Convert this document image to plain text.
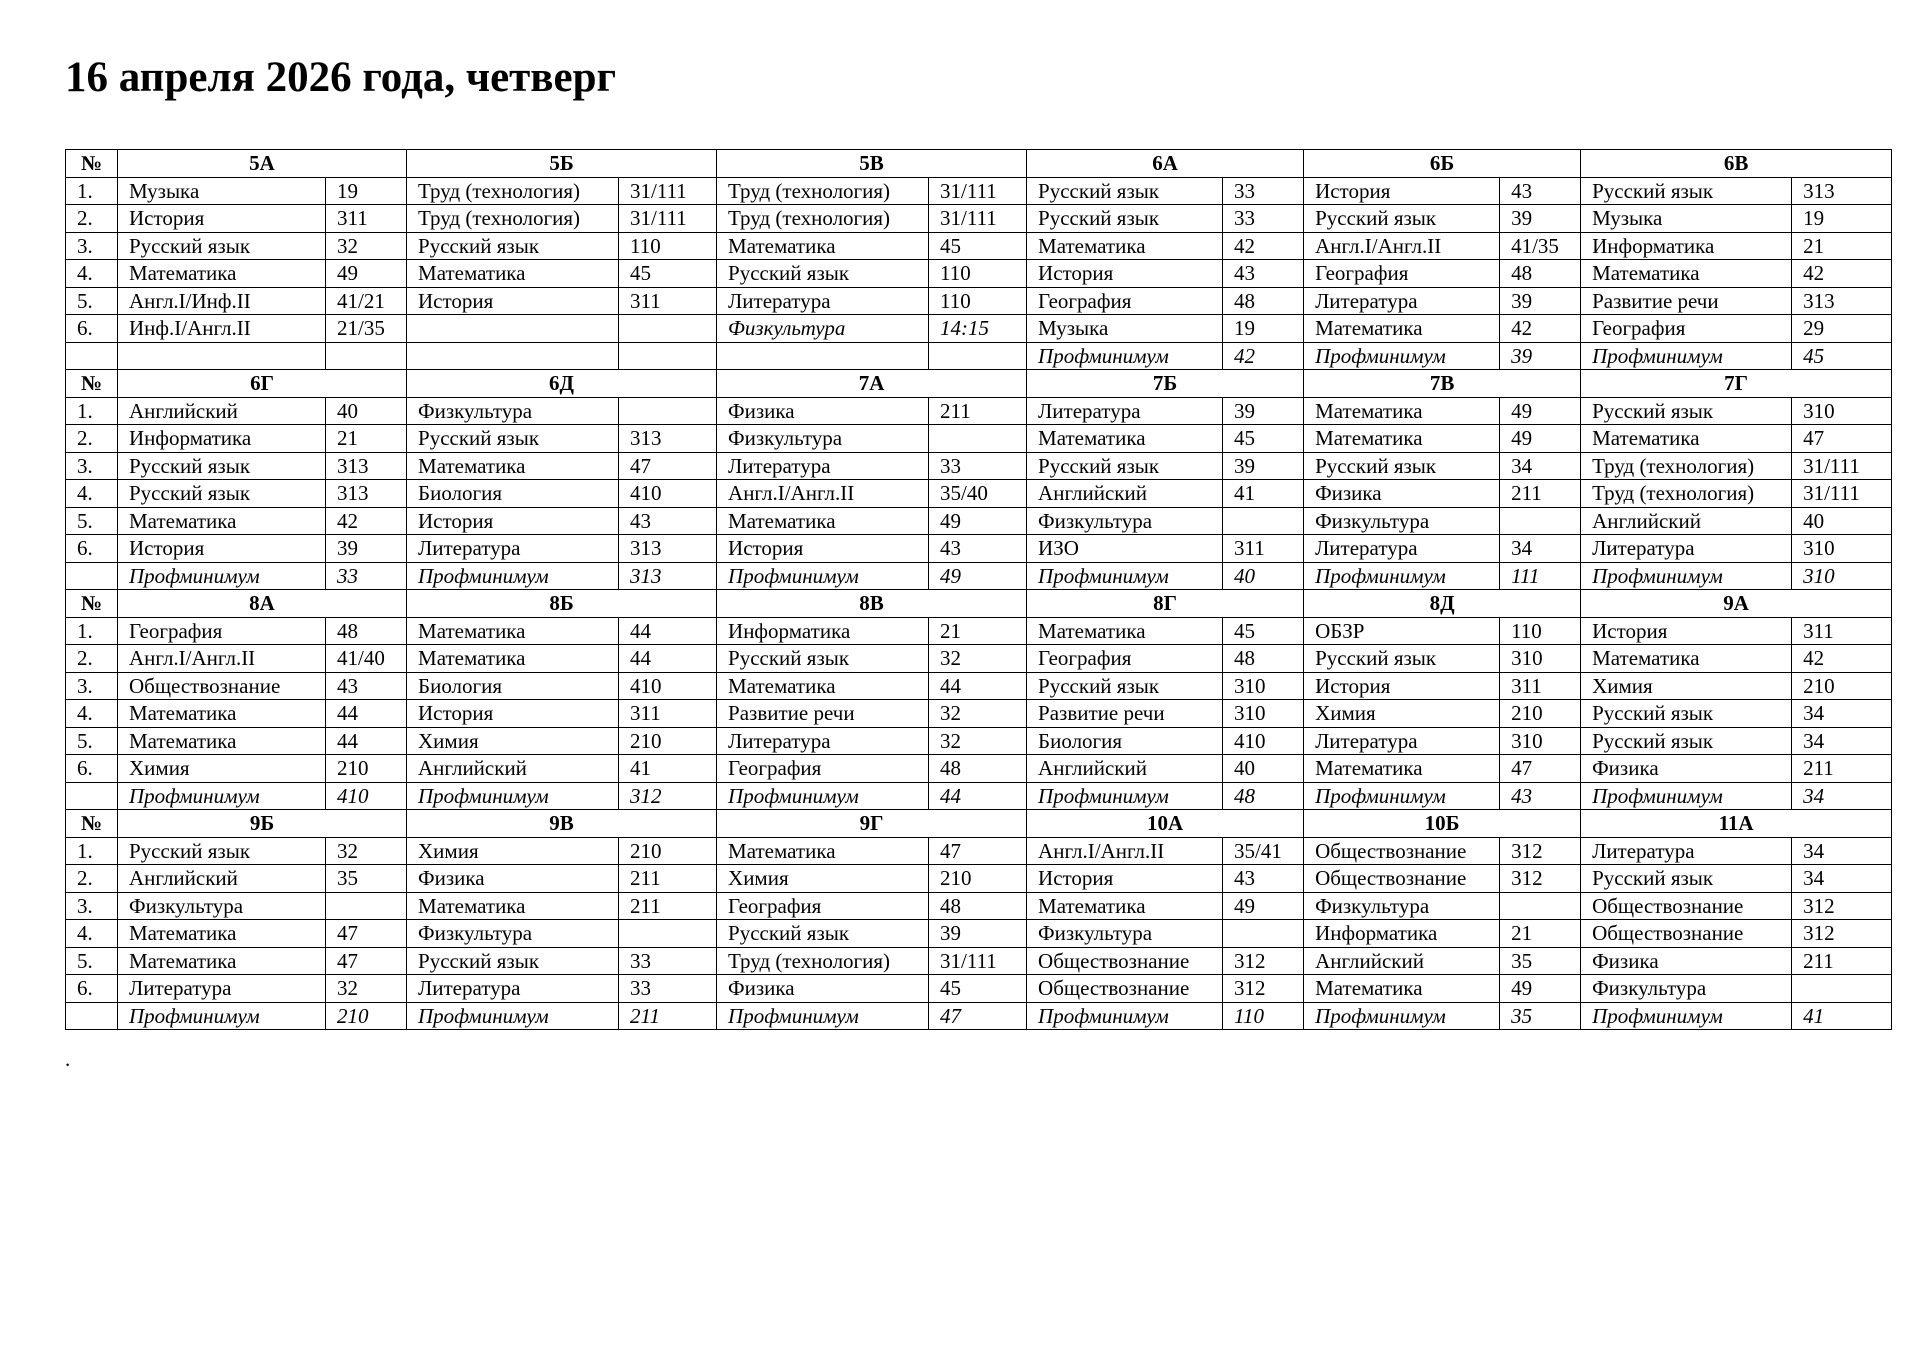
16 апреля 2026 года, четверг
№	5А		5Б		5В		6А		6Б		6В	
1.	Музыка	19	Труд (технология)	31/111	Труд (технология)	31/111	Русский язык	33	История	43	Русский язык	313
2.	История	311	Труд (технология)	31/111	Труд (технология)	31/111	Русский язык	33	Русский язык	39	Музыка	19
3.	Русский язык	32	Русский язык	110	Математика	45	Математика	42	Англ.I/Англ.II	41/35	Информатика	21
4.	Математика	49	Математика	45	Русский язык	110	История	43	География	48	Математика	42
5.	Англ.I/Инф.II	41/21	История	311	Литература	110	География	48	Литература	39	Развитие речи	313
6.	Инф.I/Англ.II	21/35			Физкультура	14:15	Музыка	19	Математика	42	География	29
							Профминимум	42	Профминимум	39	Профминимум	45
№	6Г		6Д		7А		7Б		7В		7Г	
1.	Английский	40	Физкультура		Физика	211	Литература	39	Математика	49	Русский язык	310
2.	Информатика	21	Русский язык	313	Физкультура		Математика	45	Математика	49	Математика	47
3.	Русский язык	313	Математика	47	Литература	33	Русский язык	39	Русский язык	34	Труд (технология)	31/111
4.	Русский язык	313	Биология	410	Англ.I/Англ.II	35/40	Английский	41	Физика	211	Труд (технология)	31/111
5.	Математика	42	История	43	Математика	49	Физкультура		Физкультура		Английский	40
6.	История	39	Литература	313	История	43	ИЗО	311	Литература	34	Литература	310
	Профминимум	33	Профминимум	313	Профминимум	49	Профминимум	40	Профминимум	111	Профминимум	310
№	8А		8Б		8В		8Г		8Д		9А	
1.	География	48	Математика	44	Информатика	21	Математика	45	ОБЗР	110	История	311
2.	Англ.I/Англ.II	41/40	Математика	44	Русский язык	32	География	48	Русский язык	310	Математика	42
3.	Обществознание	43	Биология	410	Математика	44	Русский язык	310	История	311	Химия	210
4.	Математика	44	История	311	Развитие речи	32	Развитие речи	310	Химия	210	Русский язык	34
5.	Математика	44	Химия	210	Литература	32	Биология	410	Литература	310	Русский язык	34
6.	Химия	210	Английский	41	География	48	Английский	40	Математика	47	Физика	211
	Профминимум	410	Профминимум	312	Профминимум	44	Профминимум	48	Профминимум	43	Профминимум	34
№	9Б		9В		9Г		10А		10Б		11А	
1.	Русский язык	32	Химия	210	Математика	47	Англ.I/Англ.II	35/41	Обществознание	312	Литература	34
2.	Английский	35	Физика	211	Химия	210	История	43	Обществознание	312	Русский язык	34
3.	Физкультура		Математика	211	География	48	Математика	49	Физкультура		Обществознание	312
4.	Математика	47	Физкультура		Русский язык	39	Физкультура		Информатика	21	Обществознание	312
5.	Математика	47	Русский язык	33	Труд (технология)	31/111	Обществознание	312	Английский	35	Физика	211
6.	Литература	32	Литература	33	Физика	45	Обществознание	312	Математика	49	Физкультура	
	Профминимум	210	Профминимум	211	Профминимум	47	Профминимум	110	Профминимум	35	Профминимум	41
.
